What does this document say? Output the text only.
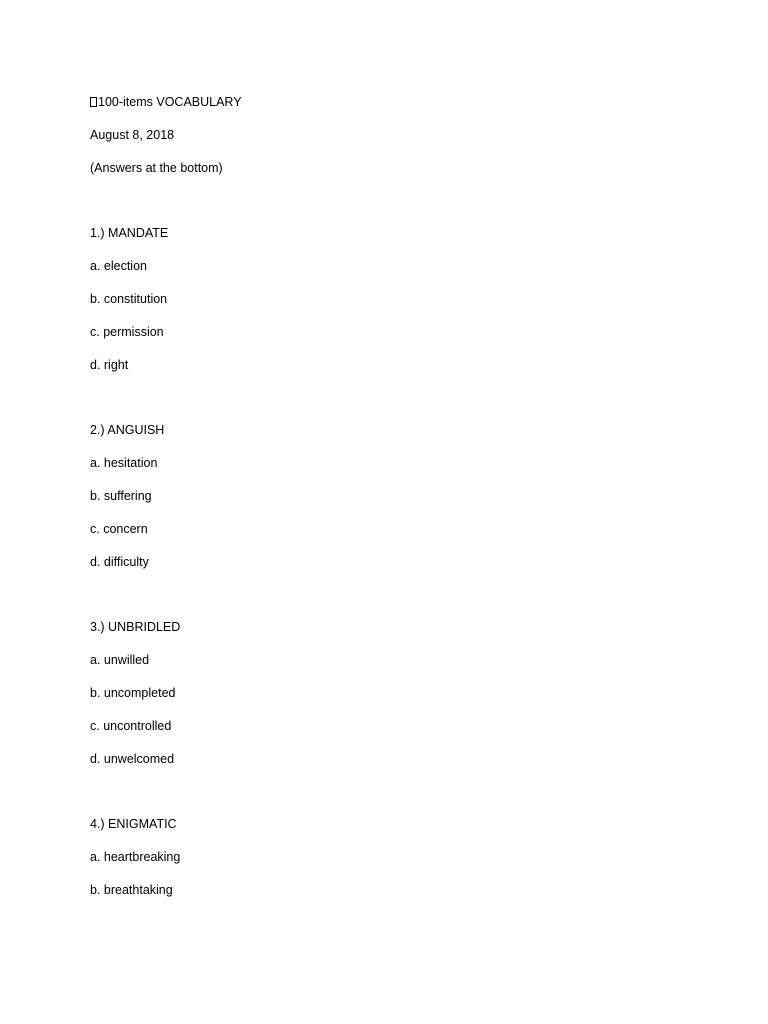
100-items VOCABULARY
August 8, 2018
(Answers at the bottom)
1.) MANDATE
a. election
b. constitution
c. permission
d. right
2.) ANGUISH
a. hesitation
b. suffering
c. concern
d. difficulty
3.) UNBRIDLED
a. unwilled
b. uncompleted
c. uncontrolled
d. unwelcomed
4.) ENIGMATIC
a. heartbreaking
b. breathtaking
